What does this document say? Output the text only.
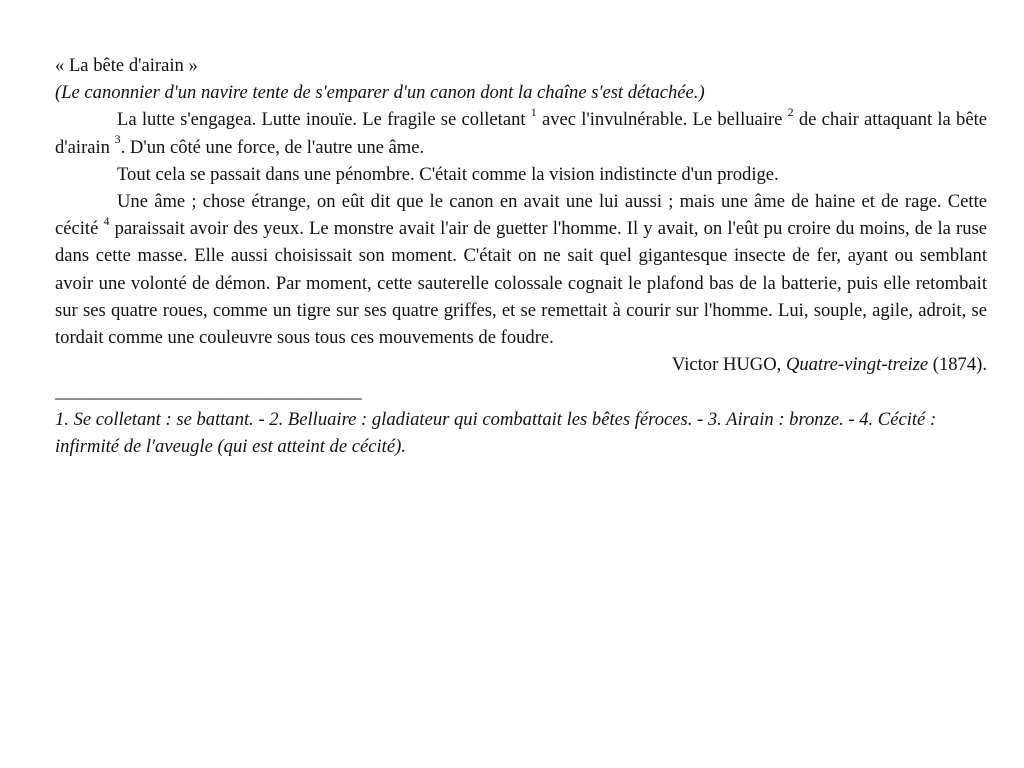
« La bête d'airain »
(Le canonnier d'un navire tente de s'emparer d'un canon dont la chaîne s'est détachée.)

La lutte s'engagea. Lutte inouïe. Le fragile se colletant $^1$ avec l'invulnérable. Le belluaire $^2$ de chair attaquant la bête d'airain $^3$. D'un côté une force, de l'autre une âme.

Tout cela se passait dans une pénombre. C'était comme la vision indistincte d'un prodige.

Une âme ; chose étrange, on eût dit que le canon en avait une lui aussi ; mais une âme de haine et de rage. Cette cécité $^4$ paraissait avoir des yeux. Le monstre avait l'air de guetter l'homme. Il y avait, on l'eût pu croire du moins, de la ruse dans cette masse. Elle aussi choisissait son moment. C'était on ne sait quel gigantesque insecte de fer, ayant ou semblant avoir une volonté de démon. Par moment, cette sauterelle colossale cognait le plafond bas de la batterie, puis elle retombait sur ses quatre roues, comme un tigre sur ses quatre griffes, et se remettait à courir sur l'homme. Lui, souple, agile, adroit, se tordait comme une couleuvre sous tous ces mouvements de foudre.

Victor HUGO, Quatre-vingt-treize (1874).

_________________________________

1. Se colletant : se battant. - 2. Belluaire : gladiateur qui combattait les bêtes féroces. - 3. Airain : bronze. - 4. Cécité : infirmité de l'aveugle (qui est atteint de cécité).
